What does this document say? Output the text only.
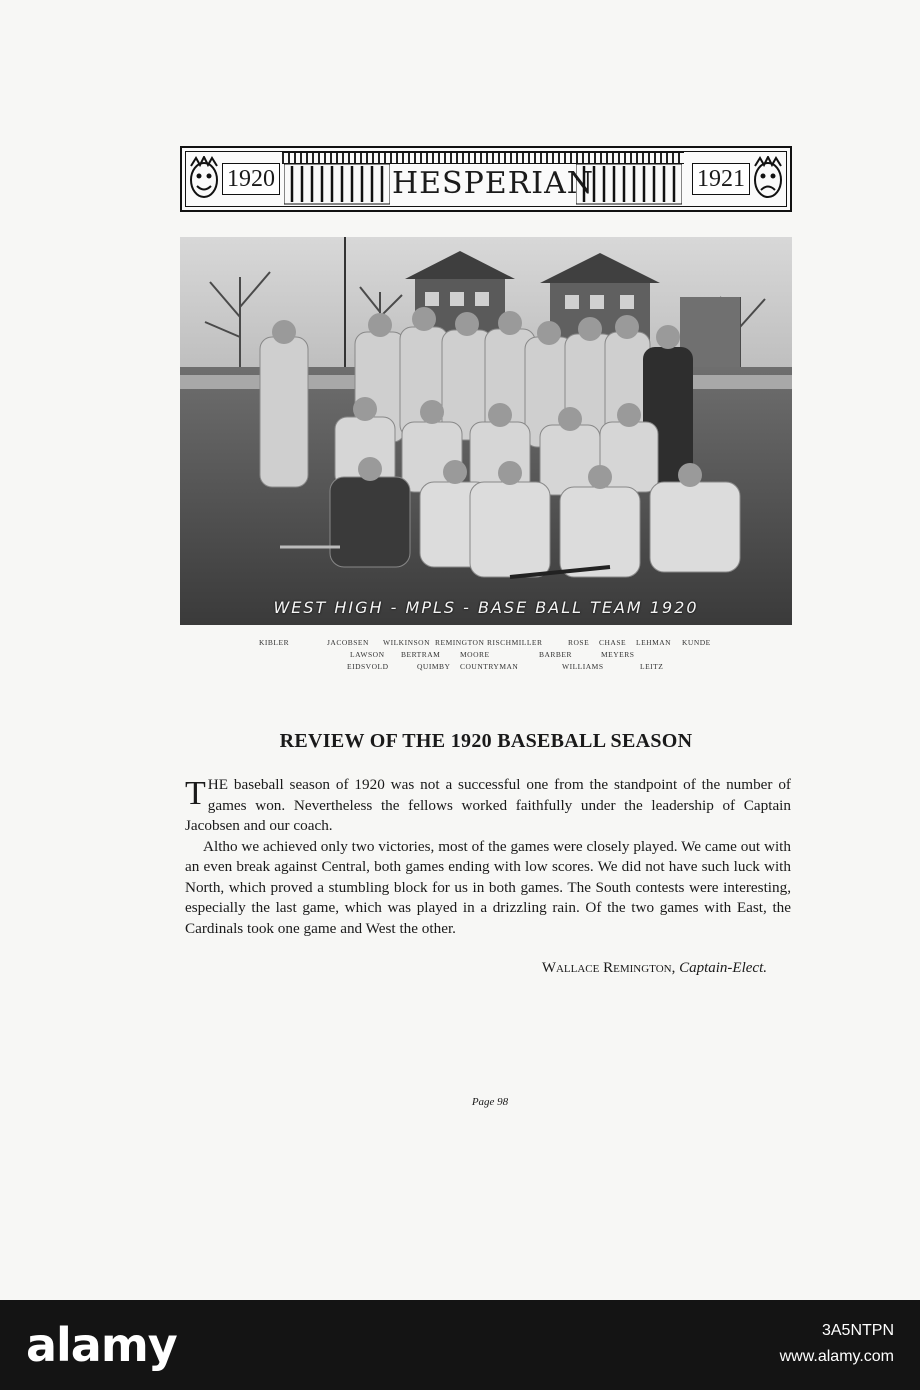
1920	HESPERIAN	1921
WEST HIGH - MPLS - BASE BALL TEAM 1920
KIBLER	JACOBSEN WILKINSON REMINGTON RISCHMILLER	ROSE CHASE LEHMAN KUNDE
LAWSON BERTRAM	MOORE	BARBER	MEYERS
EIDSVOLD	QUIMBY COUNTRYMAN	WILLIAMS	LEITZ
REVIEW OF THE 1920 BASEBALL SEASON

THE baseball season of 1920 was not a successful one from the standpoint of the number of games won. Nevertheless the fellows worked faithfully under the leadership of Captain Jacobsen and our coach.

Altho we achieved only two victories, most of the games were closely played. We came out with an even break against Central, both games ending with low scores. We did not have such luck with North, which proved a stumbling block for us in both games. The South contests were interesting, especially the last game, which was played in a drizzling rain. Of the two games with East, the Cardinals took one game and West the other.

Wallace Remington, Captain-Elect.
Page 98
alamy	3A5NTPN
www.alamy.com
